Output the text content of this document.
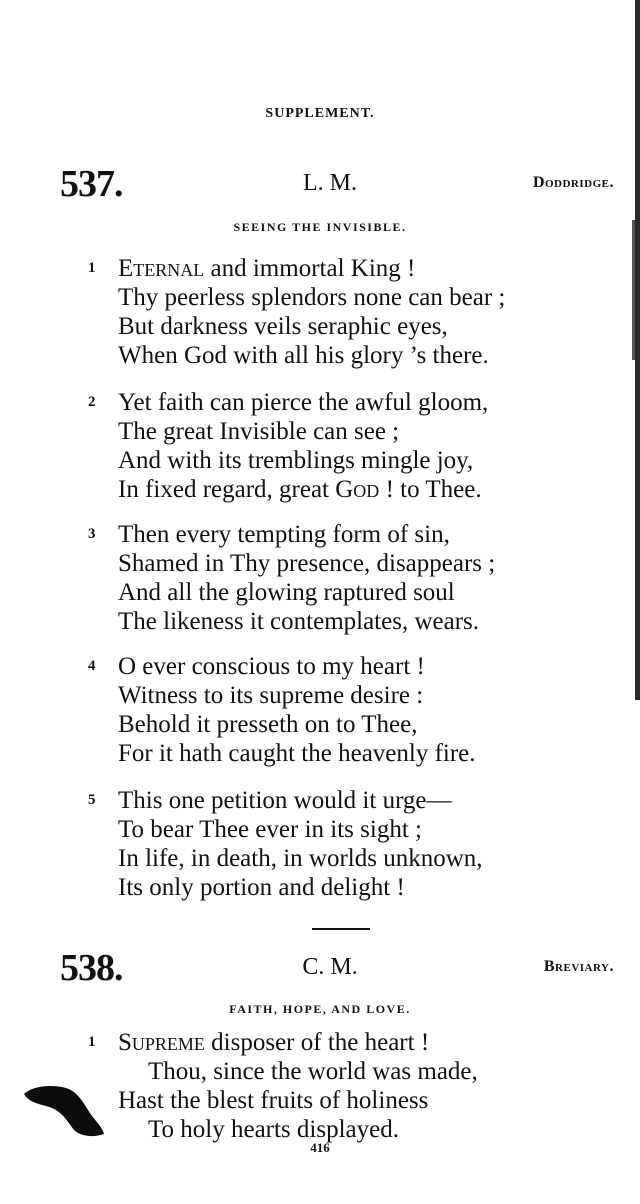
SUPPLEMENT.
537.	L. M.	Doddridge.
SEEING THE INVISIBLE.
1 Eternal and immortal King !
Thy peerless splendors none can bear ;
But darkness veils seraphic eyes,
When God with all his glory ’s there.
2 Yet faith can pierce the awful gloom,
The great Invisible can see ;
And with its tremblings mingle joy,
In fixed regard, great God ! to Thee.
3 Then every tempting form of sin,
Shamed in Thy presence, disappears ;
And all the glowing raptured soul
The likeness it contemplates, wears.
4 O ever conscious to my heart !
Witness to its supreme desire :
Behold it presseth on to Thee,
For it hath caught the heavenly fire.
5 This one petition would it urge—
To bear Thee ever in its sight ;
In life, in death, in worlds unknown,
Its only portion and delight !
538.	C. M.	Breviary.
FAITH, HOPE, AND LOVE.
1 Supreme disposer of the heart !
Thou, since the world was made,
Hast the blest fruits of holiness
To holy hearts displayed.
416
